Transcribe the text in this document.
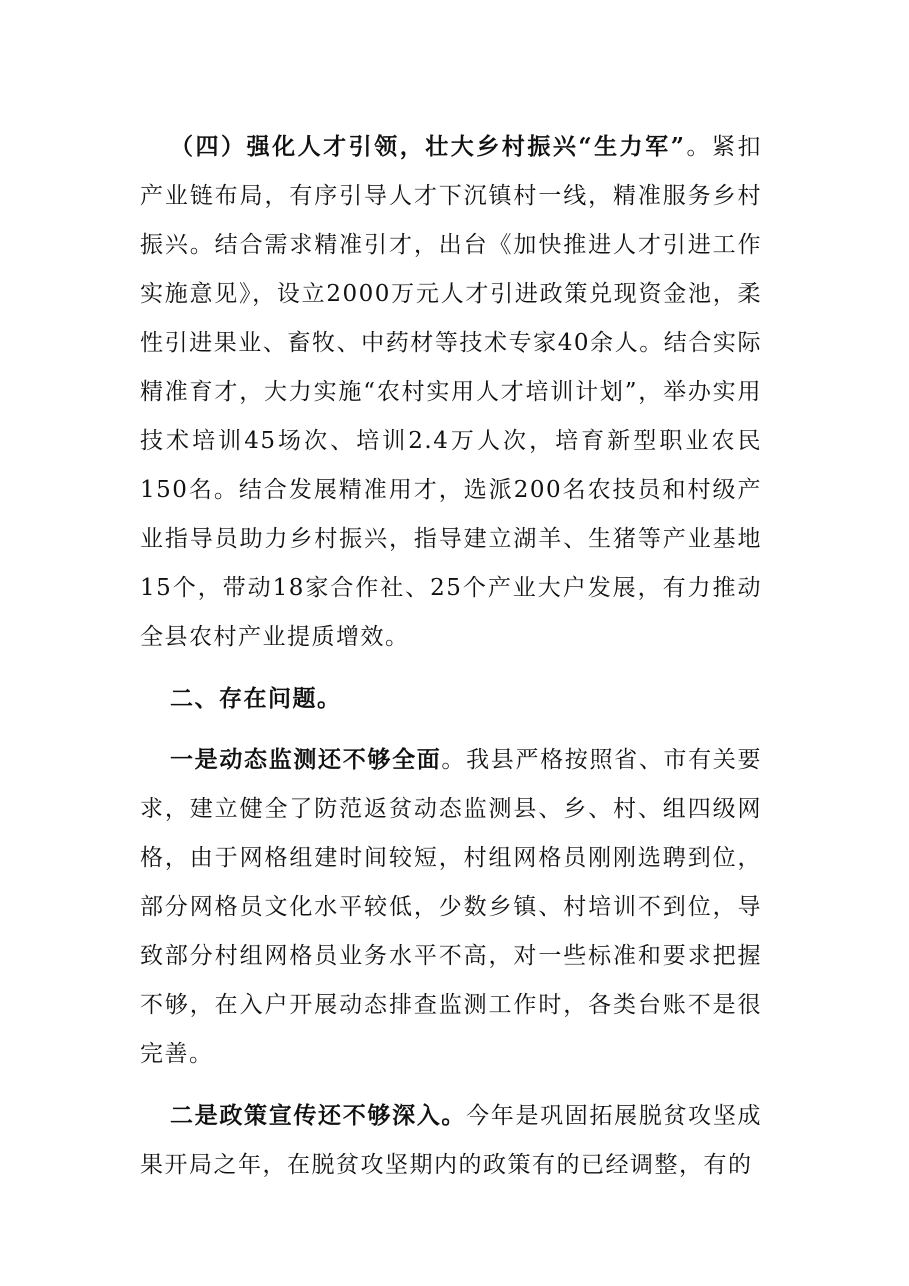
（四）强化人才引领，壮大乡村振兴“生力军”。紧扣产业链布局，有序引导人才下沉镇村一线，精准服务乡村振兴。结合需求精准引才，出台《加快推进人才引进工作实施意见》，设立2000万元人才引进政策兑现资金池，柔性引进果业、畜牧、中药材等技术专家40余人。结合实际精准育才，大力实施“农村实用人才培训计划”，举办实用技术培训45场次、培训2.4万人次，培育新型职业农民150名。结合发展精准用才，选派200名农技员和村级产业指导员助力乡村振兴，指导建立湖羊、生猪等产业基地15个，带动18家合作社、25个产业大户发展，有力推动全县农村产业提质增效。

二、存在问题。

一是动态监测还不够全面。我县严格按照省、市有关要求，建立健全了防范返贫动态监测县、乡、村、组四级网格，由于网格组建时间较短，村组网格员刚刚选聘到位，部分网格员文化水平较低，少数乡镇、村培训不到位，导致部分村组网格员业务水平不高，对一些标准和要求把握不够，在入户开展动态排查监测工作时，各类台账不是很完善。

二是政策宣传还不够深入。今年是巩固拓展脱贫攻坚成果开局之年，在脱贫攻坚期内的政策有的已经调整，有的
